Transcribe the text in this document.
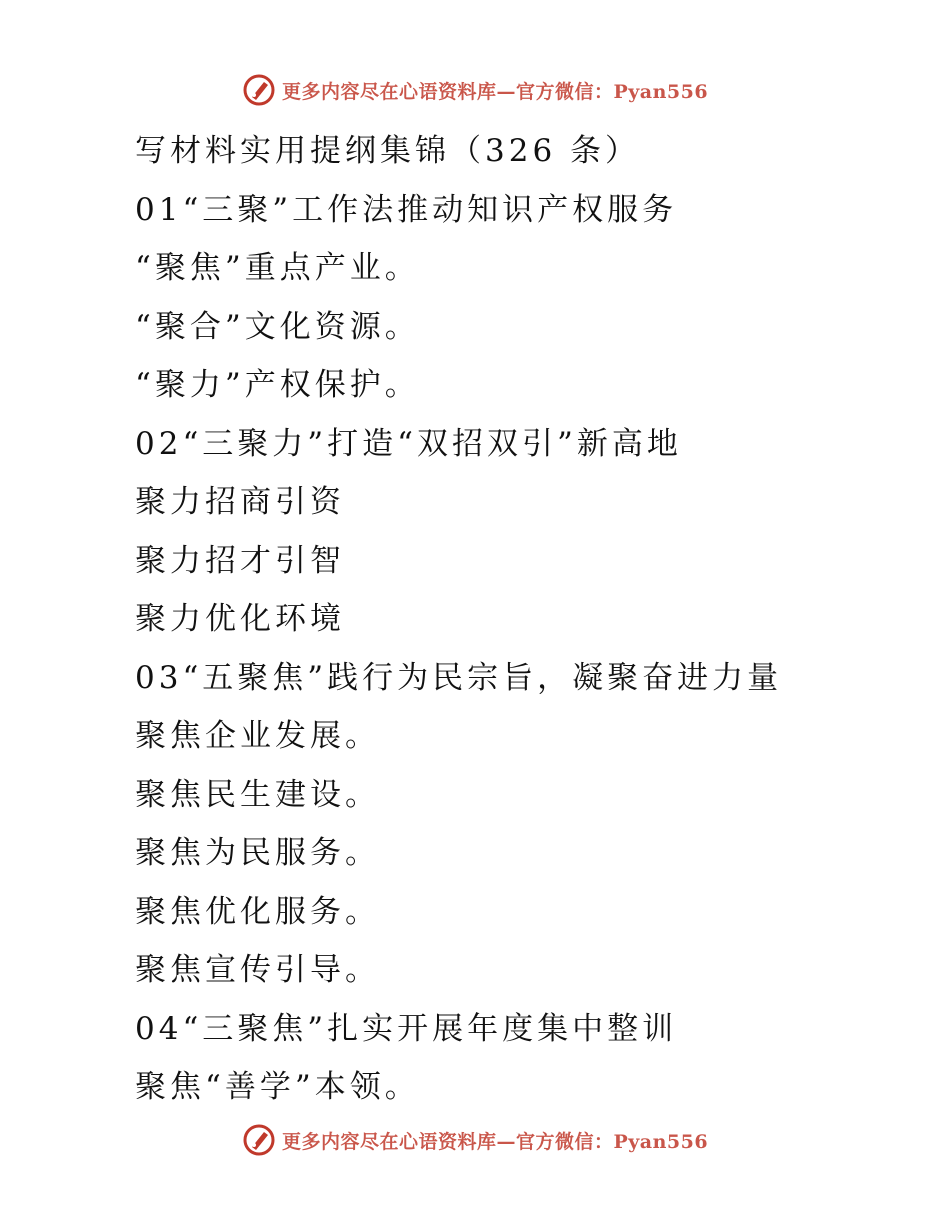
更多内容尽在心语资料库—官方微信：Pyan556
写材料实用提纲集锦（326 条）
01“三聚”工作法推动知识产权服务
“聚焦”重点产业。
“聚合”文化资源。
“聚力”产权保护。
02“三聚力”打造“双招双引”新高地
聚力招商引资
聚力招才引智
聚力优化环境
03“五聚焦”践行为民宗旨，凝聚奋进力量
聚焦企业发展。
聚焦民生建设。
聚焦为民服务。
聚焦优化服务。
聚焦宣传引导。
04“三聚焦”扎实开展年度集中整训
聚焦“善学”本领。
更多内容尽在心语资料库—官方微信：Pyan556
